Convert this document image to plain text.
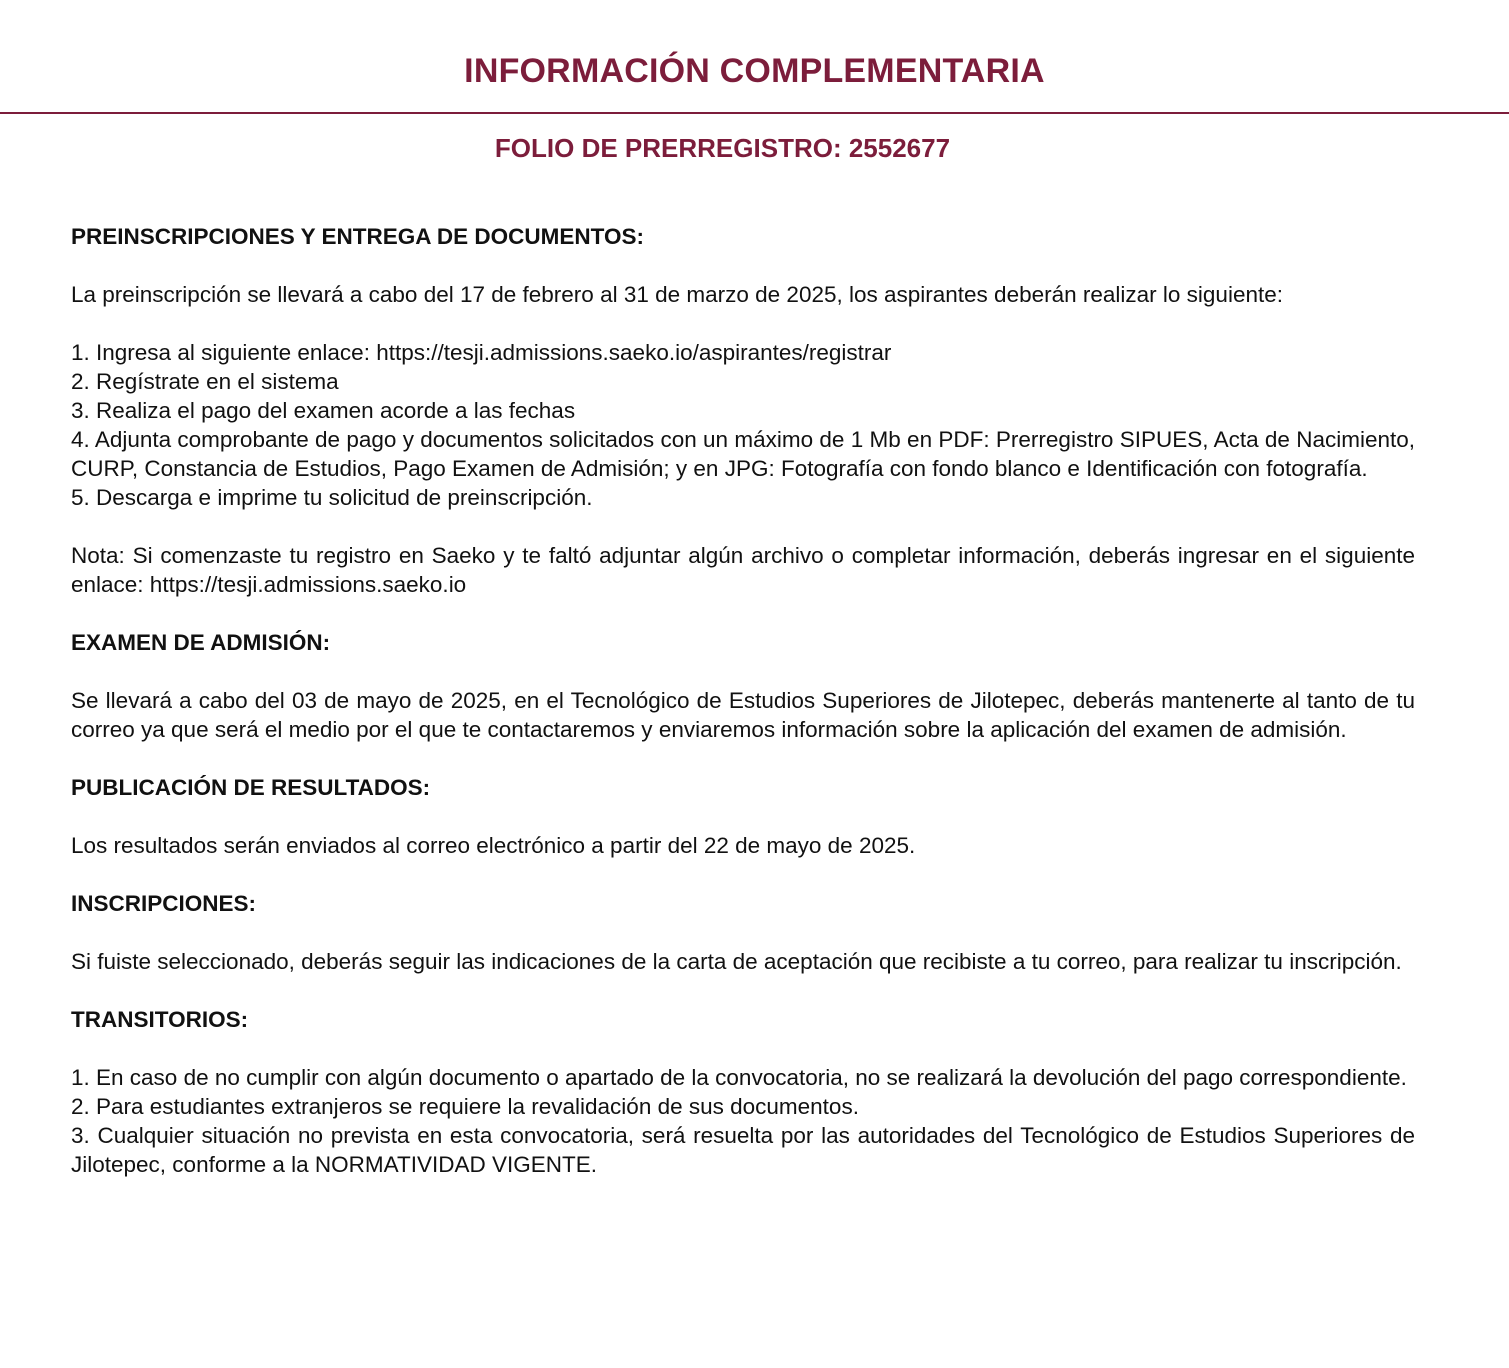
INFORMACIÓN COMPLEMENTARIA
FOLIO DE PRERREGISTRO: 2552677
PREINSCRIPCIONES Y ENTREGA DE DOCUMENTOS:

La preinscripción se llevará a cabo del 17 de febrero al 31 de marzo de 2025, los aspirantes deberán realizar lo siguiente:

1. Ingresa al siguiente enlace: https://tesji.admissions.saeko.io/aspirantes/registrar
2. Regístrate en el sistema
3. Realiza el pago del examen acorde a las fechas
4. Adjunta comprobante de pago y documentos solicitados con un máximo de 1 Mb en PDF: Prerregistro SIPUES, Acta de Nacimiento, CURP, Constancia de Estudios, Pago Examen de Admisión; y en JPG: Fotografía con fondo blanco e Identificación con fotografía.
5. Descarga e imprime tu solicitud de preinscripción.

Nota: Si comenzaste tu registro en Saeko y te faltó adjuntar algún archivo o completar información, deberás ingresar en el siguiente enlace: https://tesji.admissions.saeko.io

EXAMEN DE ADMISIÓN:

Se llevará a cabo del 03 de mayo de 2025, en el Tecnológico de Estudios Superiores de Jilotepec, deberás mantenerte al tanto de tu correo ya que será el medio por el que te contactaremos y enviaremos información sobre la aplicación del examen de admisión.

PUBLICACIÓN DE RESULTADOS:

Los resultados serán enviados al correo electrónico a partir del 22 de mayo de 2025.

INSCRIPCIONES:

Si fuiste seleccionado, deberás seguir las indicaciones de la carta de aceptación que recibiste a tu correo, para realizar tu inscripción.

TRANSITORIOS:
1. En caso de no cumplir con algún documento o apartado de la convocatoria, no se realizará la devolución del pago correspondiente.
2. Para estudiantes extranjeros se requiere la revalidación de sus documentos.
3. Cualquier situación no prevista en esta convocatoria, será resuelta por las autoridades del Tecnológico de Estudios Superiores de Jilotepec, conforme a la NORMATIVIDAD VIGENTE.
